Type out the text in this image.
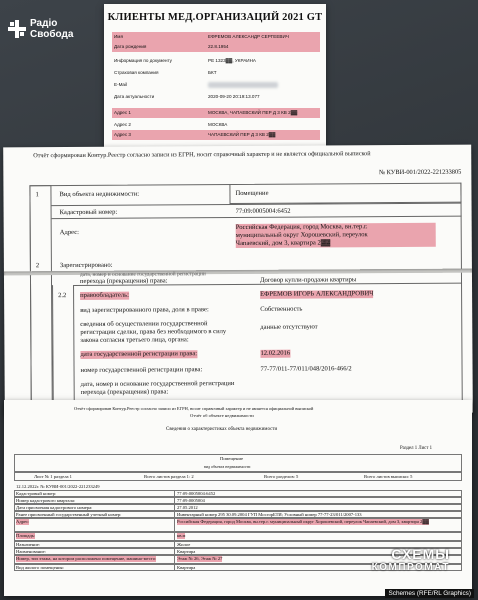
Радіо
Свобода
КЛИЕНТЫ МЕД.ОРГАНИЗАЦИЙ 2021 GT
Имя	ЕФРЕМОВ АЛЕКСАНДР СЕРГЕЕВИЧ
Дата рождения	22.8.1954
Информация по документу	РЕ 1323▓▓, УКРАИНА
Страховая компания	БКТ
E-Mail
Дата актуальности	2020-09-20 20:19:13.077
Адрес 1	МОСКВА, ЧАПАЕВСКИЙ ПЕР Д 3 КВ 2▓▓
Адрес 2	МОСКВА
Адрес 3	ЧАПАЕВСКИЙ ПЕР Д 3 КВ 2▓▓
Отчёт сформирован Контур.Реестр согласно записи из ЕГРН, носит справочный характер и не является официальной выпиской
№ КУВИ-001/2022-221233805
1	Вид объекта недвижимости:	Помещение
Кадастровый номер:	77:09:0005004:6452
Адрес:
Российская Федерация, город Москва, вн.тер.г.
муниципальный округ Хорошевский, переулок
Чапаевский, дом 3, квартира 2▓▓
2	Зарегистрировано:
дата, номер и основание государственной регистрации
перехода (прекращения) права:	Договор купли-продажи квартиры
2.2 правообладатель:	ЕФРЕМОВ ИГОРЬ АЛЕКСАНДРОВИЧ
вид зарегистрированного права, доля в праве:	Собственность
сведения об осуществлении государственной
регистрации сделки, права без необходимого в силу
закона согласия третьего лица, органа:
данные отсутствуют
дата государственной регистрации права:	12.02.2016
номер государственной регистрации права:	77-77/011-77/011/048/2016-466/2
дата, номер и основание государственной регистрации
перехода (прекращения) права:
Отчёт сформирован Контур.Реестр согласно записи из ЕГРН, носит справочный характер и не является официальной выпиской
Отчёт об объекте недвижимости
Сведения о характеристиках объекта недвижимости
Раздел 1 Лист 1
Помещение
вид объекта недвижимости
Лист № 1 раздела 1	Всего листов раздела 1: 2	Всего разделов: 5	Всего листов выписки: 5
12.12.2022г. № КУВИ-001/2022-221233249
Кадастровый номер:	77:09:0005004:6452
Номер кадастрового квартала:	77:09:0005004
Дата присвоения кадастрового номера:	27.05.2012
Ранее присвоенный государственный учетный номер:	Инвентарный номер 295 30.09.2004 ГУП МосгорБТИ; Условный номер 77-77-23/011/2007-133
Адрес:	Российская Федерация, город Москва, вн.тер.г. муниципальный округ Хорошевский, переулок Чапаевский, дом 3, квартира 2▓▓
Площадь:	кв.м
Назначение:	Жилое
Наименование:	Квартира
Номер, тип этажа, на котором расположено помещение, машино-место:	Этаж № 26, Этаж № 27
Вид жилого помещения:	Квартира
СХЕМЫ
КОМПРОМАТ
Schemes (RFE/RL Graphics)
